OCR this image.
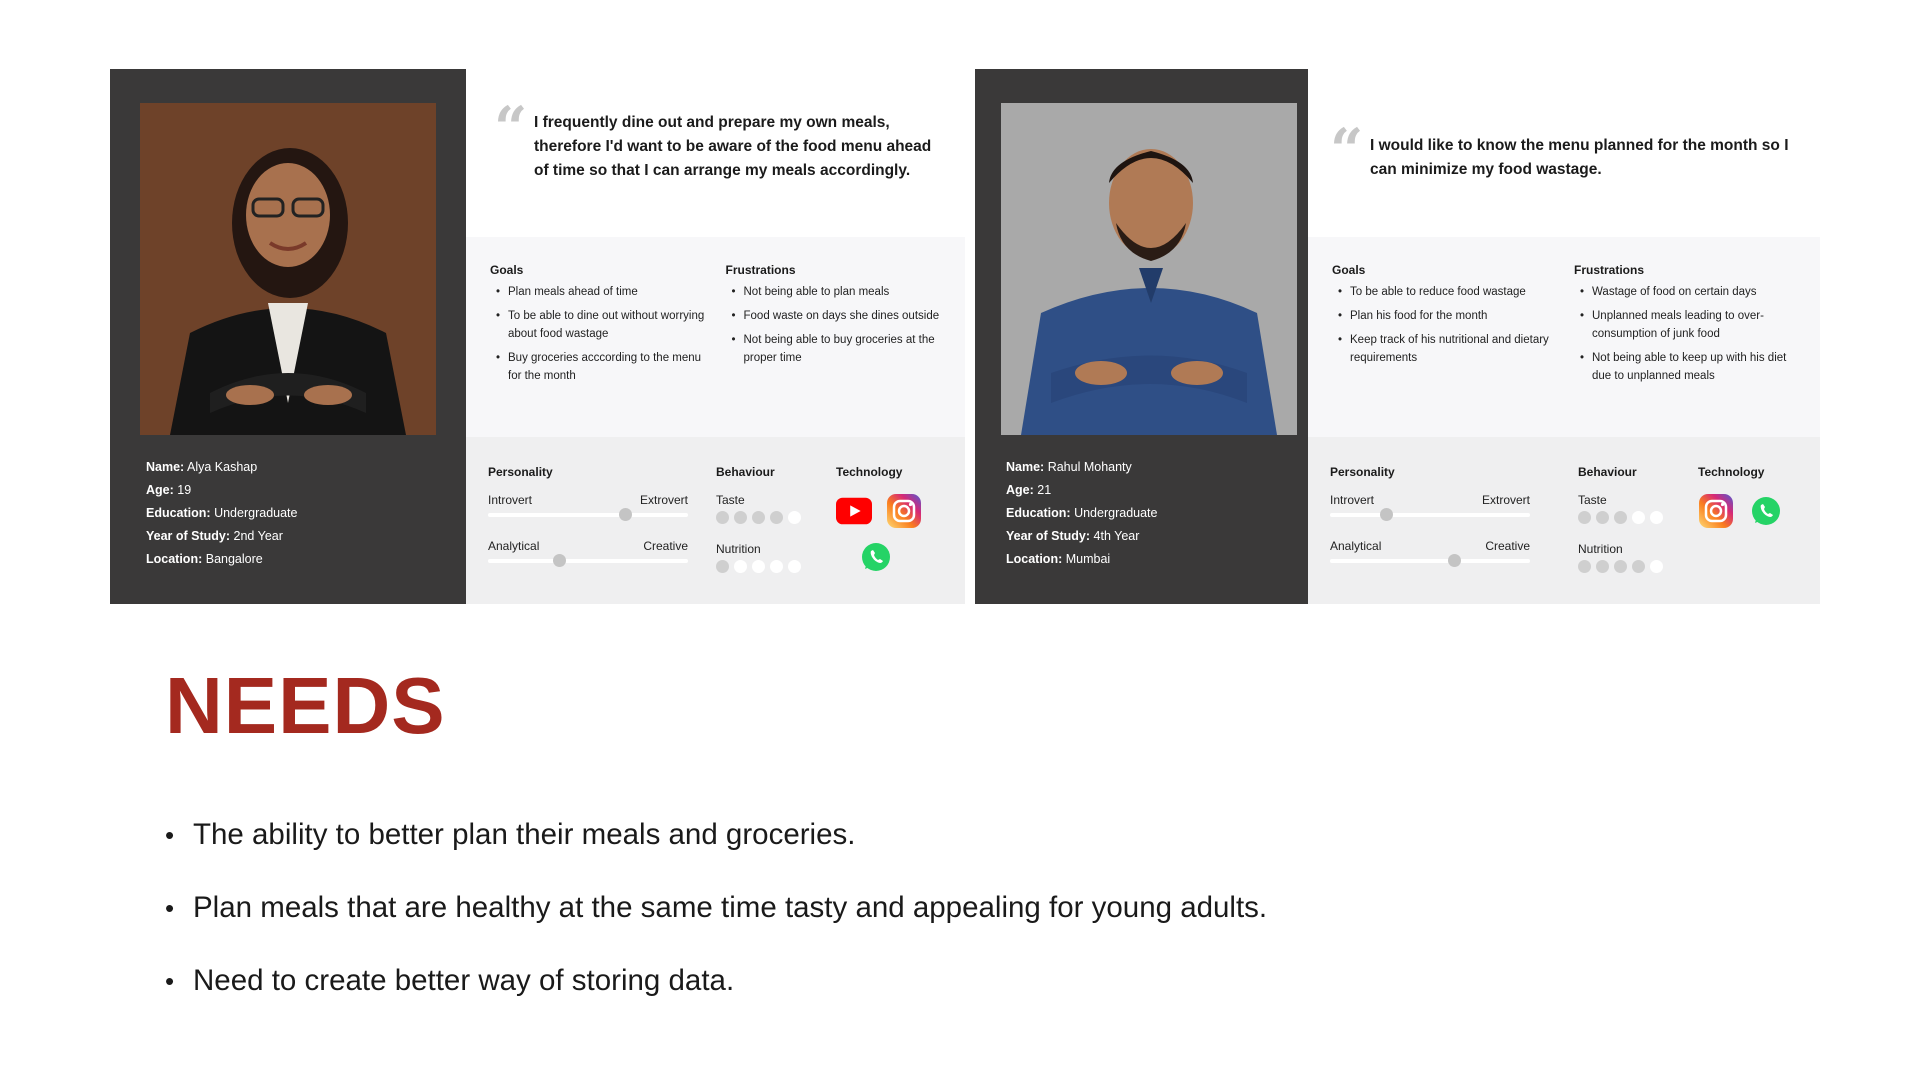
Name: Alya Kashap
Age: 19
Education: Undergraduate
Year of Study: 2nd Year
Location: Bangalore
“ I frequently dine out and prepare my own meals, therefore I'd want to be aware of the food menu ahead of time so that I can arrange my meals accordingly.

Goals
• Plan meals ahead of time
• To be able to dine out without worrying about food wastage
• Buy groceries acccording to the menu for the month
Frustrations
• Not being able to plan meals
• Food waste on days she dines outside
• Not being able to buy groceries at the proper time
Personality
Introvert	Extrovert
Analytical	Creative
Behaviour
Taste
Nutrition
Technology	Name: Rahul Mohanty
Age: 21
Education: Undergraduate
Year of Study: 4th Year
Location: Mumbai
“ I would like to know the menu planned for the month so I can minimize my food wastage.

Goals
• To be able to reduce food wastage
• Plan his food for the month
• Keep track of his nutritional and dietary requirements
Frustrations
• Wastage of food on certain days
• Unplanned meals leading to over-consumption of junk food
• Not being able to keep up with his diet due to unplanned meals
Personality
Introvert	Extrovert
Analytical	Creative
Behaviour
Taste
Nutrition
Technology
NEEDS
• The ability to better plan their meals and groceries.
• Plan meals that are healthy at the same time tasty and appealing for young adults.
• Need to create better way of storing data.
